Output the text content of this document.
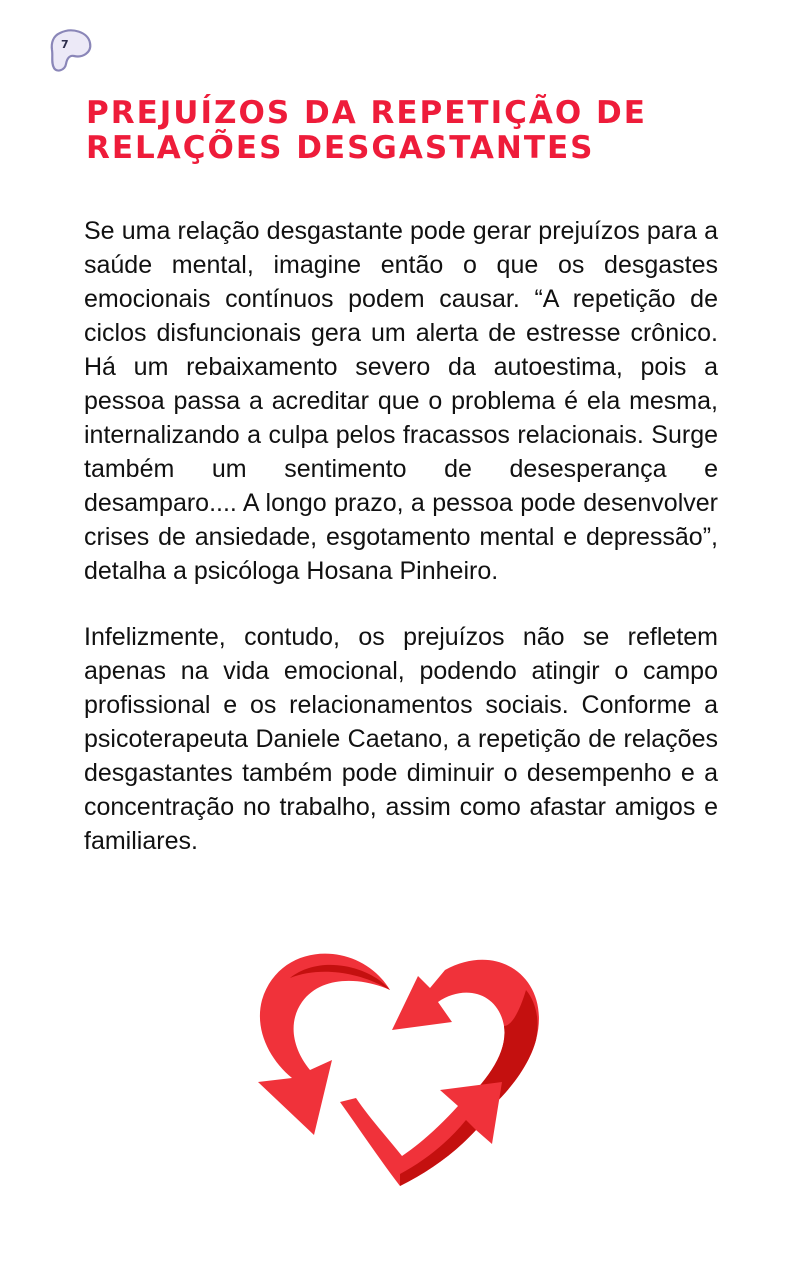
7
PREJUÍZOS DA REPETIÇÃO DE RELAÇÕES DESGASTANTES

Se uma relação desgastante pode gerar prejuízos para a saúde mental, imagine então o que os desgastes emocionais contínuos podem causar. “A repetição de ciclos disfuncionais gera um alerta de estresse crônico. Há um rebaixamento severo da autoestima, pois a pessoa passa a acreditar que o problema é ela mesma, internalizando a culpa pelos fracassos relacionais. Surge também um sentimento de desesperança e desamparo.... A longo prazo, a pessoa pode desenvolver crises de ansiedade, esgotamento mental e depressão”, detalha a psicóloga Hosana Pinheiro.

Infelizmente, contudo, os prejuízos não se refletem apenas na vida emocional, podendo atingir o campo profissional e os relacionamentos sociais. Conforme a psicoterapeuta Daniele Caetano, a repetição de relações desgastantes também pode diminuir o desempenho e a concentração no trabalho, assim como afastar amigos e familiares.
